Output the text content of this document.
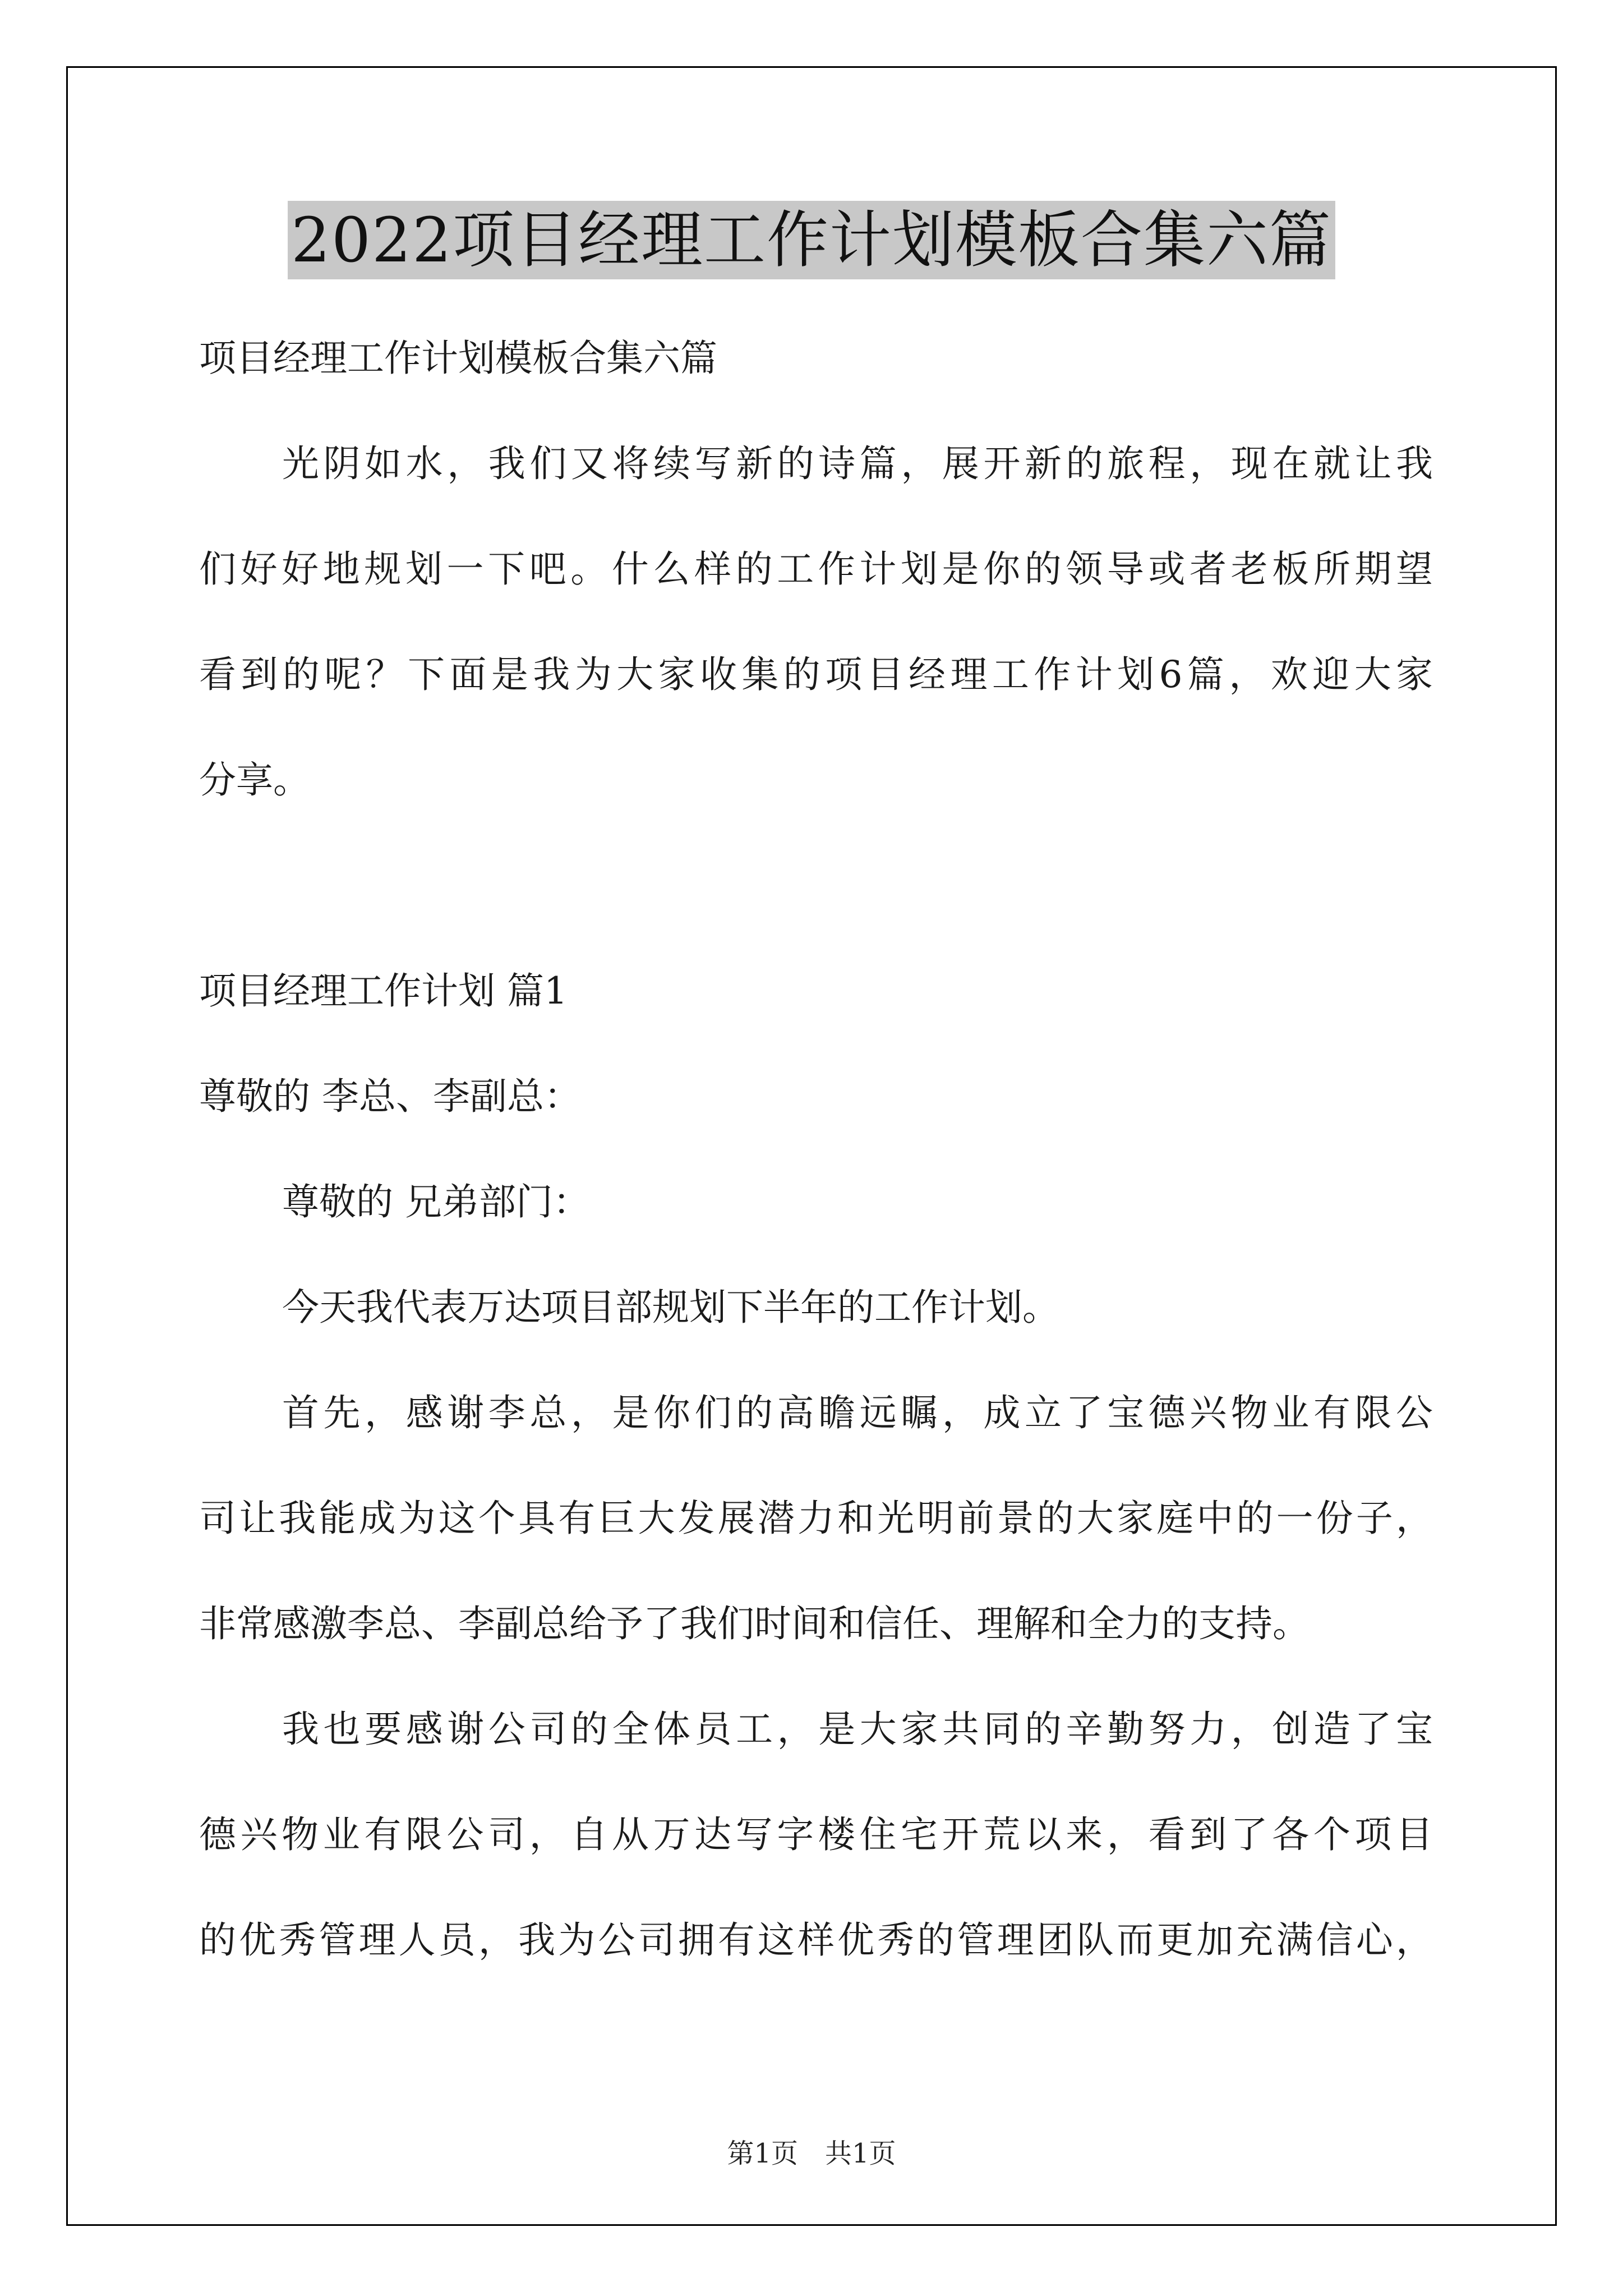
2022项目经理工作计划模板合集六篇
项目经理工作计划模板合集六篇
光阴如水，我们又将续写新的诗篇，展开新的旅程，现在就让我
们好好地规划一下吧。什么样的工作计划是你的领导或者老板所期望
看到的呢？下面是我为大家收集的项目经理工作计划6篇，欢迎大家
分享。
项目经理工作计划 篇1
尊敬的 李总、李副总：
尊敬的 兄弟部门：
今天我代表万达项目部规划下半年的工作计划。
首先，感谢李总，是你们的高瞻远瞩，成立了宝德兴物业有限公
司让我能成为这个具有巨大发展潜力和光明前景的大家庭中的一份子，
非常感激李总、李副总给予了我们时间和信任、理解和全力的支持。
我也要感谢公司的全体员工，是大家共同的辛勤努力，创造了宝
德兴物业有限公司，自从万达写字楼住宅开荒以来，看到了各个项目
的优秀管理人员，我为公司拥有这样优秀的管理团队而更加充满信心，
第1页　共1页
